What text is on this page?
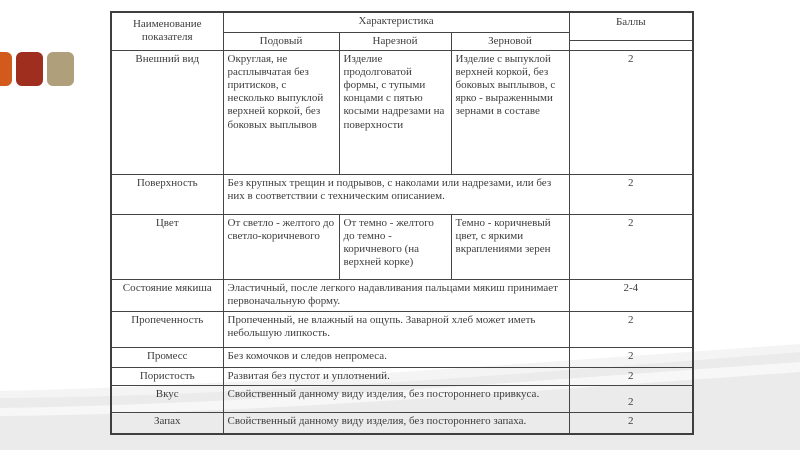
Наименование показателя	Характеристика			Баллы
	Подовый	Нарезной	Зерновой	
Внешний вид	Округлая, не расплывчатая без притисков, с несколько выпуклой верхней коркой, без боковых выплывов	Изделие продолговатой формы, с тупыми концами с пятью косыми надрезами на поверхности	Изделие с выпуклой верхней коркой, без боковых выплывов, с ярко - выраженными зернами в составе	2
Поверхность	Без крупных трещин и подрывов, с наколами или надрезами, или без них в соответствии с техническим описанием.			2
Цвет	От светло - желтого до светло-коричневого	От темно - желтого до темно - коричневого (на верхней корке)	Темно - коричневый цвет, с яркими вкраплениями зерен	2
Состояние мякиша	Эластичный, после легкого надавливания пальцами мякиш принимает первоначальную форму.			2-4
Пропеченность	Пропеченный, не влажный на ощупь. Заварной хлеб может иметь небольшую липкость.			2
Промесс	Без комочков и следов непромеса.			2
Пористость	Развитая без пустот и уплотнений.			2
Вкус	Свойственный данному виду изделия, без постороннего привкуса.			2
Запах	Свойственный данному виду изделия, без постороннего запаха.			2
